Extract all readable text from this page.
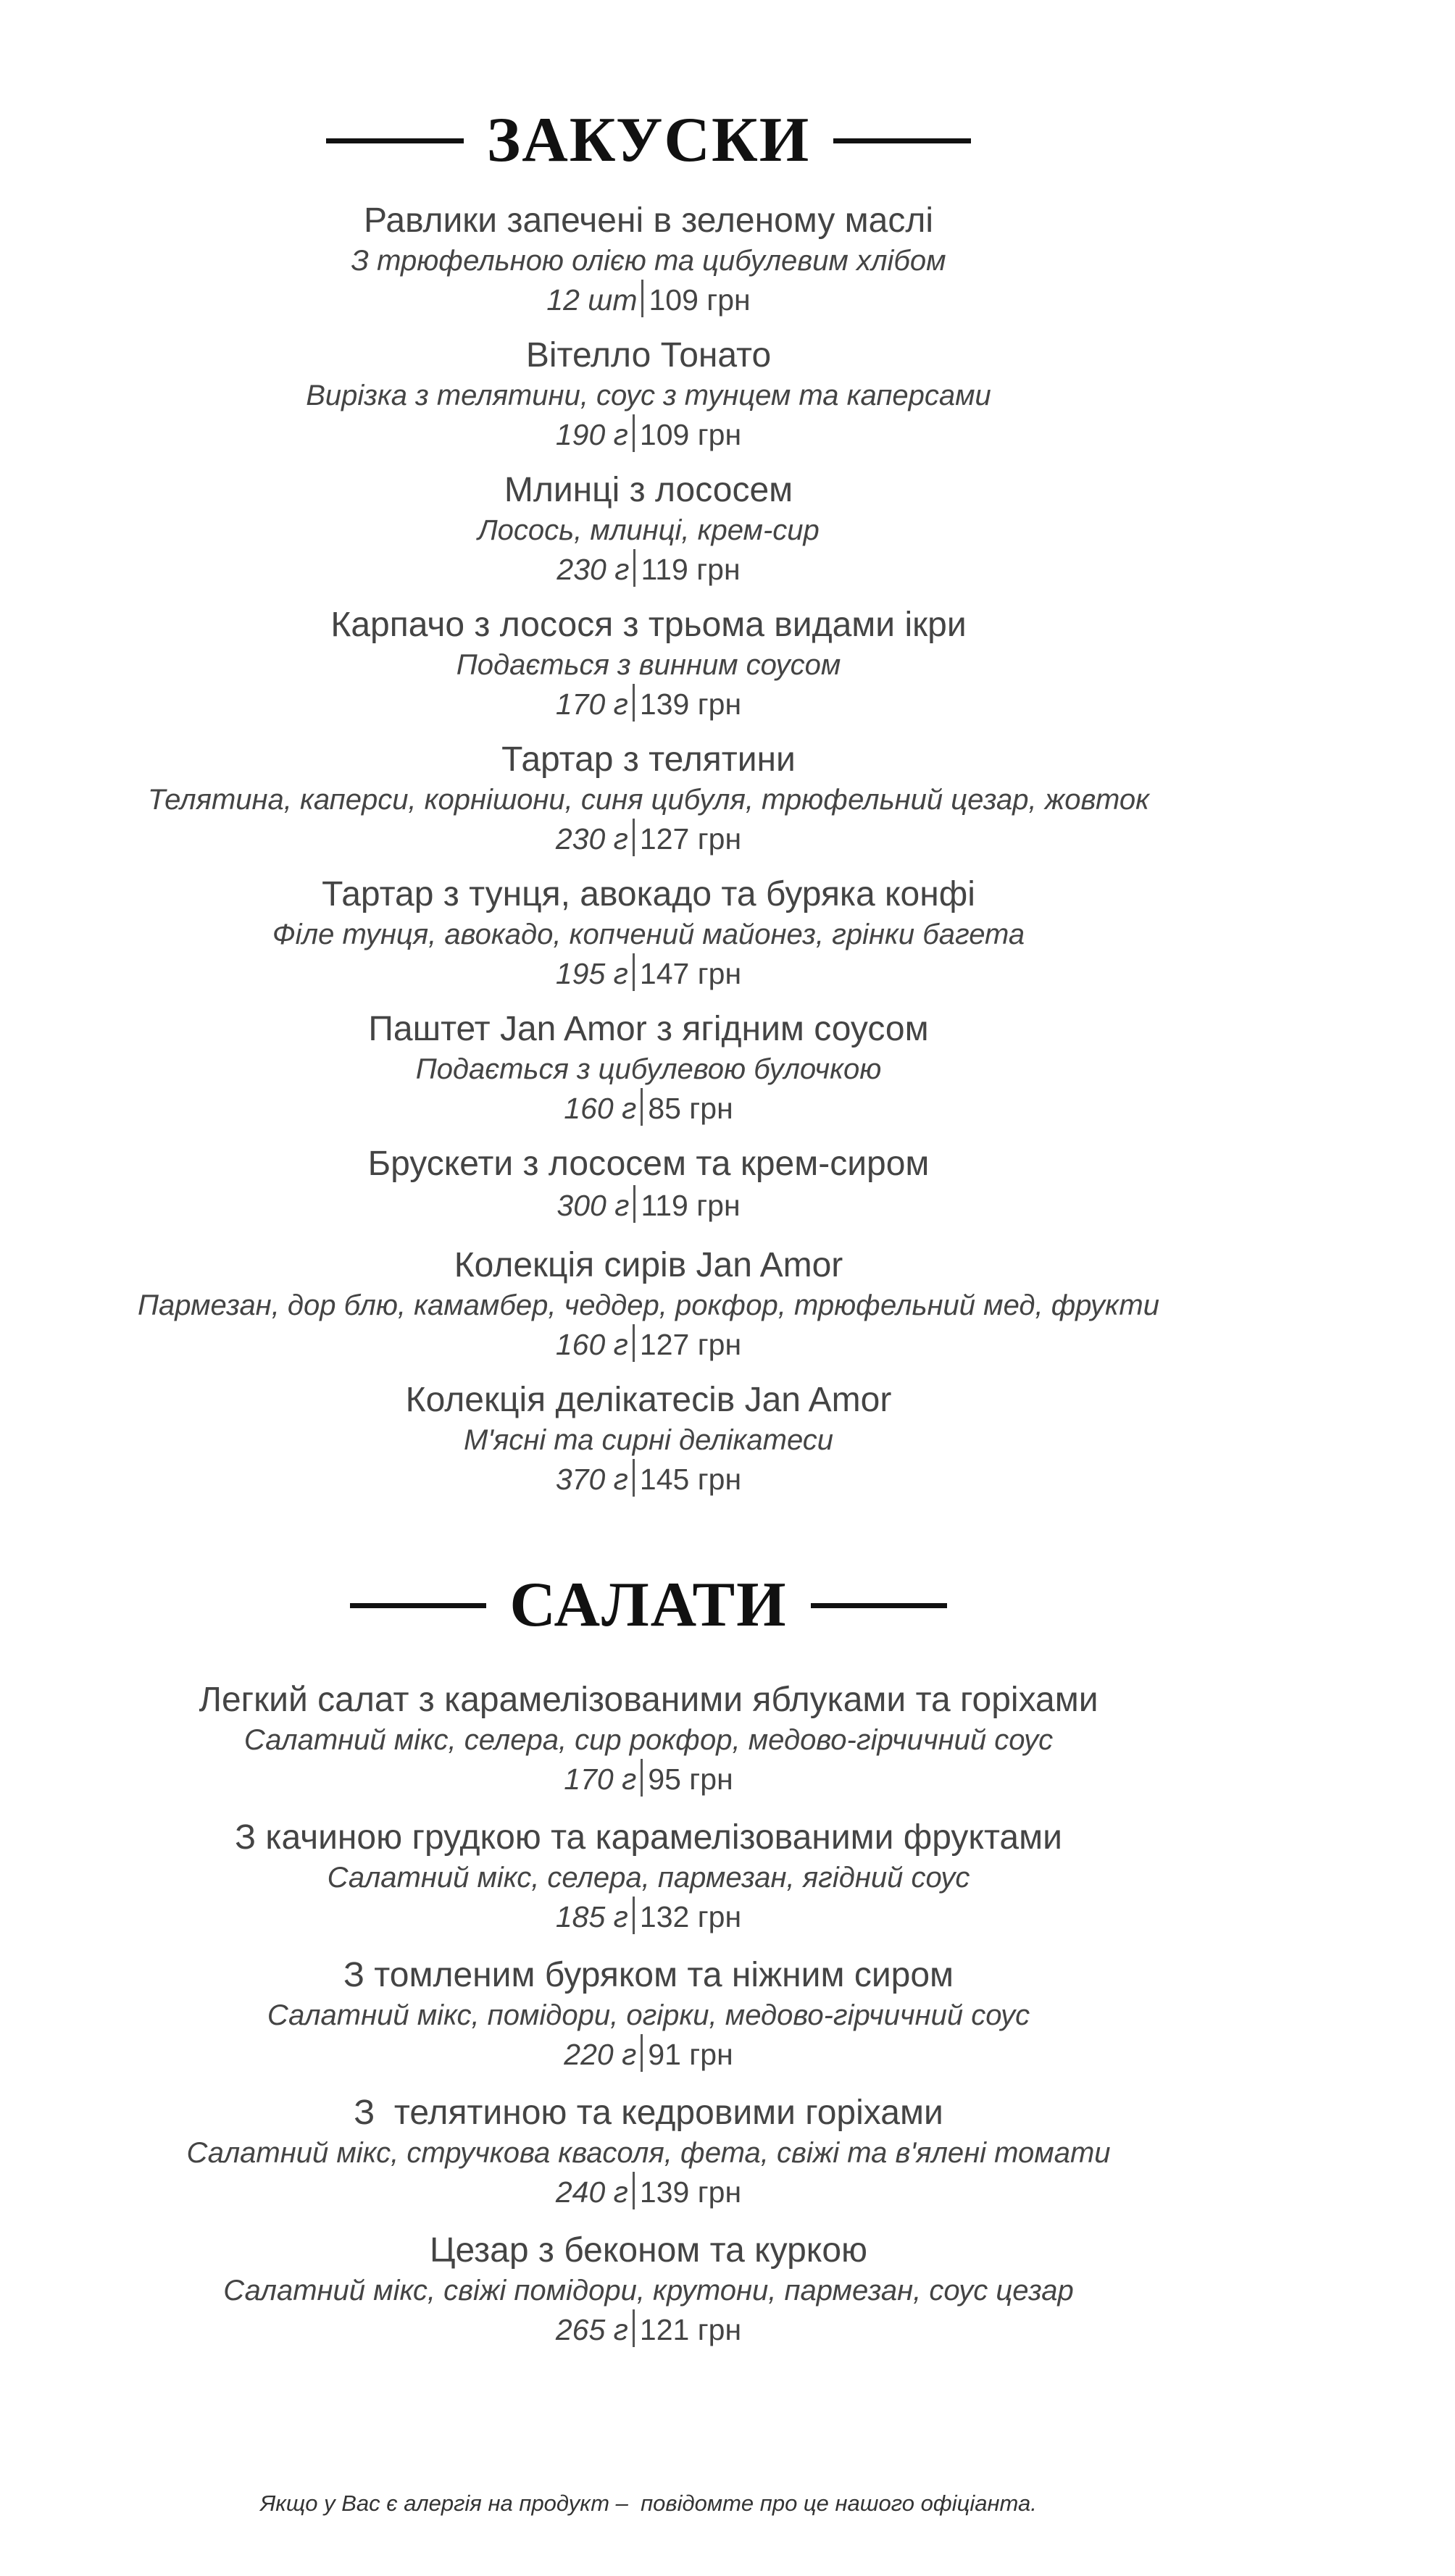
ЗАКУСКИ
Равлики запечені в зеленому маслі
З трюфельною олією та цибулевим хлібом
12 шт 109 грн
Вітелло Тонато
Вирізка з телятини, соус з тунцем та каперсами
190 г 109 грн
Млинці з лососем
Лосось, млинці, крем-сир
230 г 119 грн
Карпачо з лосося з трьома видами ікри
Подається з винним соусом
170 г 139 грн
Тартар з телятини
Телятина, каперси, корнішони, синя цибуля, трюфельний цезар, жовток
230 г 127 грн
Тартар з тунця, авокадо та буряка конфі
Філе тунця, авокадо, копчений майонез, грінки багета
195 г 147 грн
Паштет Jan Amor з ягідним соусом
Подається з цибулевою булочкою
160 г 85 грн
Брускети з лососем та крем-сиром
300 г 119 грн
Колекція сирів Jan Amor
Пармезан, дор блю, камамбер, чеддер, рокфор, трюфельний мед, фрукти
160 г 127 грн
Колекція делікатесів Jan Amor
М'ясні та сирні делікатеси
370 г 145 грн
САЛАТИ
Легкий салат з карамелізованими яблуками та горіхами
Салатний мікс, селера, сир рокфор, медово-гірчичний соус
170 г 95 грн
З качиною грудкою та карамелізованими фруктами
Салатний мікс, селера, пармезан, ягідний соус
185 г 132 грн
З томленим буряком та ніжним сиром
Салатний мікс, помідори, огірки, медово-гірчичний соус
220 г 91 грн
З  телятиною та кедровими горіхами
Салатний мікс, стручкова квасоля, фета, свіжі та в'ялені томати
240 г 139 грн
Цезар з беконом та куркою
Салатний мікс, свіжі помідори, крутони, пармезан, соус цезар
265 г 121 грн
Якщо у Вас є алергія на продукт –  повідомте про це нашого офіціанта.
